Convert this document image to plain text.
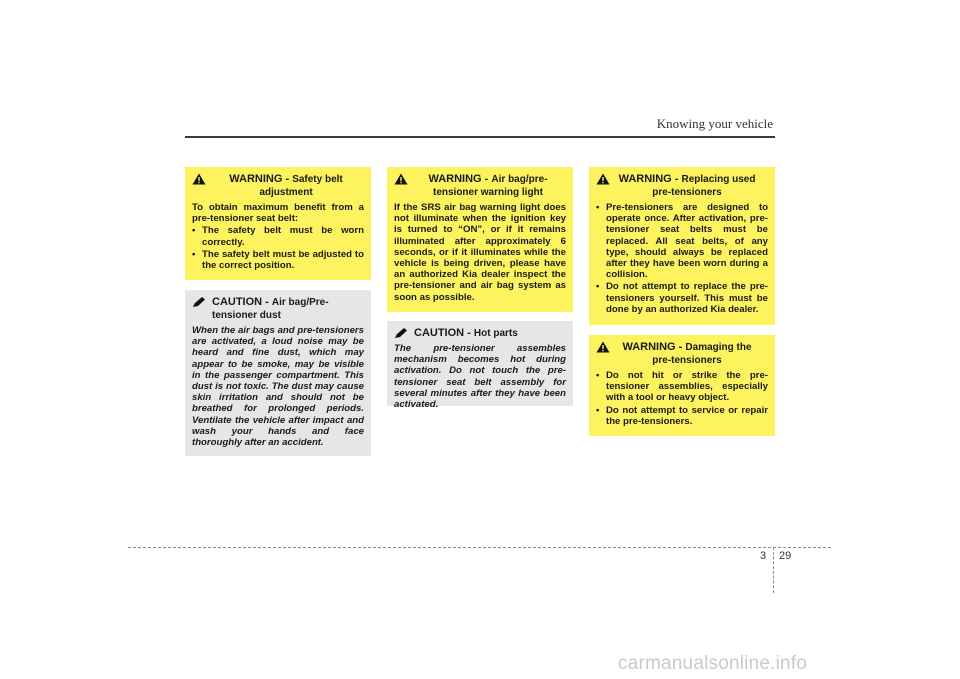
Knowing your vehicle
WARNING - Safety belt adjustment

To obtain maximum benefit from a pre-tensioner seat belt:

• The safety belt must be worn correctly.
• The safety belt must be adjusted to the correct position.
CAUTION - Air bag/Pre-tensioner dust

When the air bags and pre-tensioners are activated, a loud noise may be heard and fine dust, which may appear to be smoke, may be visible in the passenger compartment. This dust is not toxic. The dust may cause skin irritation and should not be breathed for prolonged periods. Ventilate the vehicle after impact and wash your hands and face thoroughly after an accident.

WARNING - Air bag/pre-tensioner warning light

If the SRS air bag warning light does not illuminate when the ignition key is turned to “ON”, or if it remains illuminated after approximately 6 seconds, or if it illuminates while the vehicle is being driven, please have an authorized Kia dealer inspect the pre-tensioner and air bag system as soon as possible.

CAUTION - Hot parts

The pre-tensioner assembles mechanism becomes hot during activation. Do not touch the pre-tensioner seat belt assembly for several minutes after they have been activated.

WARNING - Replacing used pre-tensioners
• Pre-tensioners are designed to operate once. After activation, pre-tensioner seat belts must be replaced. All seat belts, of any type, should always be replaced after they have been worn during a collision.
• Do not attempt to replace the pre-tensioners yourself. This must be done by an authorized Kia dealer.
WARNING - Damaging the pre-tensioners
• Do not hit or strike the pre-tensioner assemblies, especially with a tool or heavy object.
• Do not attempt to service or repair the pre-tensioners.
3 29
carmanualsonline.info
